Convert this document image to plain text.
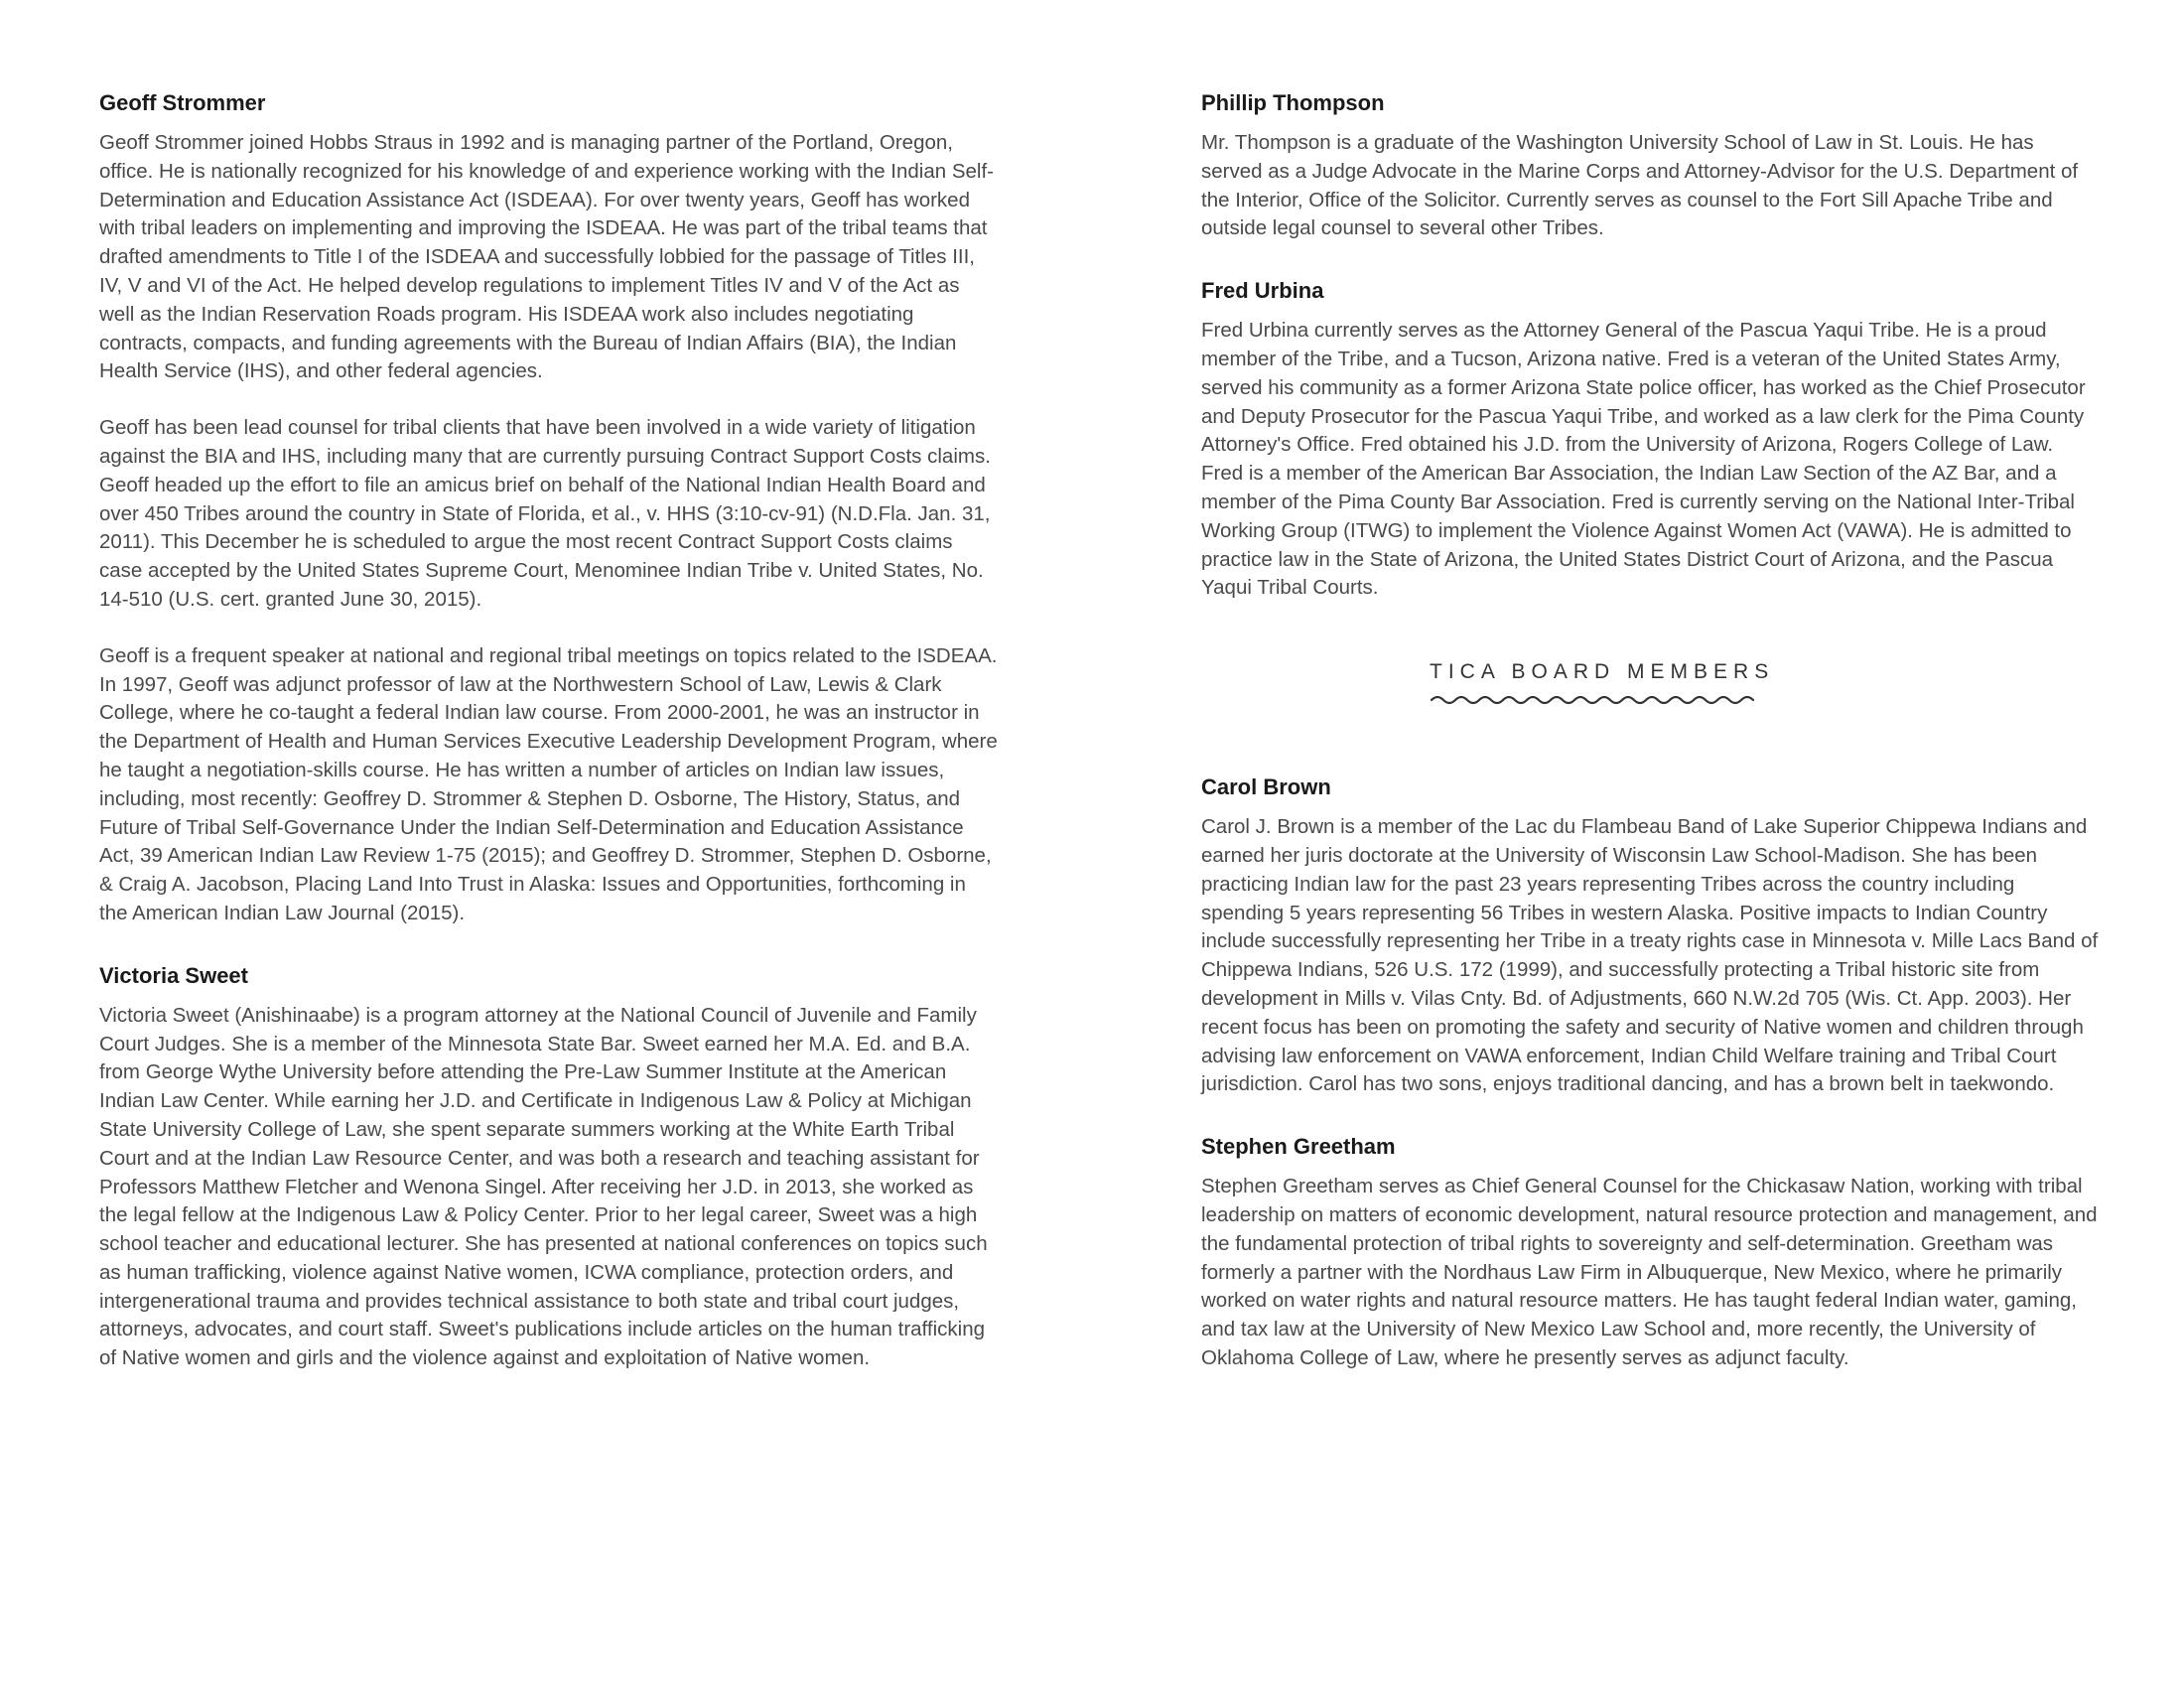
Geoff Strommer

Geoff Strommer joined Hobbs Straus in 1992 and is managing partner of the Portland, Oregon, office. He is nationally recognized for his knowledge of and experience working with the Indian Self-Determination and Education Assistance Act (ISDEAA). For over twenty years, Geoff has worked with tribal leaders on implementing and improving the ISDEAA. He was part of the tribal teams that drafted amendments to Title I of the ISDEAA and successfully lobbied for the passage of Titles III, IV, V and VI of the Act. He helped develop regulations to implement Titles IV and V of the Act as well as the Indian Reservation Roads program. His ISDEAA work also includes negotiating contracts, compacts, and funding agreements with the Bureau of Indian Affairs (BIA), the Indian Health Service (IHS), and other federal agencies.

Geoff has been lead counsel for tribal clients that have been involved in a wide variety of litigation against the BIA and IHS, including many that are currently pursuing Contract Support Costs claims. Geoff headed up the effort to file an amicus brief on behalf of the National Indian Health Board and over 450 Tribes around the country in State of Florida, et al., v. HHS (3:10-cv-91) (N.D.Fla. Jan. 31, 2011). This December he is scheduled to argue the most recent Contract Support Costs claims case accepted by the United States Supreme Court, Menominee Indian Tribe v. United States, No. 14-510 (U.S. cert. granted June 30, 2015).

Geoff is a frequent speaker at national and regional tribal meetings on topics related to the ISDEAA. In 1997, Geoff was adjunct professor of law at the Northwestern School of Law, Lewis & Clark College, where he co-taught a federal Indian law course. From 2000-2001, he was an instructor in the Department of Health and Human Services Executive Leadership Development Program, where he taught a negotiation-skills course. He has written a number of articles on Indian law issues, including, most recently: Geoffrey D. Strommer & Stephen D. Osborne, The History, Status, and Future of Tribal Self-Governance Under the Indian Self-Determination and Education Assistance Act, 39 American Indian Law Review 1-75 (2015); and Geoffrey D. Strommer, Stephen D. Osborne, & Craig A. Jacobson, Placing Land Into Trust in Alaska: Issues and Opportunities, forthcoming in the American Indian Law Journal (2015).

Victoria Sweet

Victoria Sweet (Anishinaabe) is a program attorney at the National Council of Juvenile and Family Court Judges. She is a member of the Minnesota State Bar. Sweet earned her M.A. Ed. and B.A. from George Wythe University before attending the Pre-Law Summer Institute at the American Indian Law Center. While earning her J.D. and Certificate in Indigenous Law & Policy at Michigan State University College of Law, she spent separate summers working at the White Earth Tribal Court and at the Indian Law Resource Center, and was both a research and teaching assistant for Professors Matthew Fletcher and Wenona Singel. After receiving her J.D. in 2013, she worked as the legal fellow at the Indigenous Law & Policy Center. Prior to her legal career, Sweet was a high school teacher and educational lecturer. She has presented at national conferences on topics such as human trafficking, violence against Native women, ICWA compliance, protection orders, and intergenerational trauma and provides technical assistance to both state and tribal court judges, attorneys, advocates, and court staff. Sweet's publications include articles on the human trafficking of Native women and girls and the violence against and exploitation of Native women.

Phillip Thompson

Mr. Thompson is a graduate of the Washington University School of Law in St. Louis. He has served as a Judge Advocate in the Marine Corps and Attorney-Advisor for the U.S. Department of the Interior, Office of the Solicitor. Currently serves as counsel to the Fort Sill Apache Tribe and outside legal counsel to several other Tribes.

Fred Urbina

Fred Urbina currently serves as the Attorney General of the Pascua Yaqui Tribe. He is a proud member of the Tribe, and a Tucson, Arizona native. Fred is a veteran of the United States Army, served his community as a former Arizona State police officer, has worked as the Chief Prosecutor and Deputy Prosecutor for the Pascua Yaqui Tribe, and worked as a law clerk for the Pima County Attorney's Office. Fred obtained his J.D. from the University of Arizona, Rogers College of Law. Fred is a member of the American Bar Association, the Indian Law Section of the AZ Bar, and a member of the Pima County Bar Association. Fred is currently serving on the National Inter-Tribal Working Group (ITWG) to implement the Violence Against Women Act (VAWA). He is admitted to practice law in the State of Arizona, the United States District Court of Arizona, and the Pascua Yaqui Tribal Courts.

TICA BOARD MEMBERS
Carol Brown

Carol J. Brown is a member of the Lac du Flambeau Band of Lake Superior Chippewa Indians and earned her juris doctorate at the University of Wisconsin Law School-Madison. She has been practicing Indian law for the past 23 years representing Tribes across the country including spending 5 years representing 56 Tribes in western Alaska. Positive impacts to Indian Country include successfully representing her Tribe in a treaty rights case in Minnesota v. Mille Lacs Band of Chippewa Indians, 526 U.S. 172 (1999), and successfully protecting a Tribal historic site from development in Mills v. Vilas Cnty. Bd. of Adjustments, 660 N.W.2d 705 (Wis. Ct. App. 2003). Her recent focus has been on promoting the safety and security of Native women and children through advising law enforcement on VAWA enforcement, Indian Child Welfare training and Tribal Court jurisdiction. Carol has two sons, enjoys traditional dancing, and has a brown belt in taekwondo.

Stephen Greetham

Stephen Greetham serves as Chief General Counsel for the Chickasaw Nation, working with tribal leadership on matters of economic development, natural resource protection and management, and the fundamental protection of tribal rights to sovereignty and self-determination. Greetham was formerly a partner with the Nordhaus Law Firm in Albuquerque, New Mexico, where he primarily worked on water rights and natural resource matters. He has taught federal Indian water, gaming, and tax law at the University of New Mexico Law School and, more recently, the University of Oklahoma College of Law, where he presently serves as adjunct faculty.
